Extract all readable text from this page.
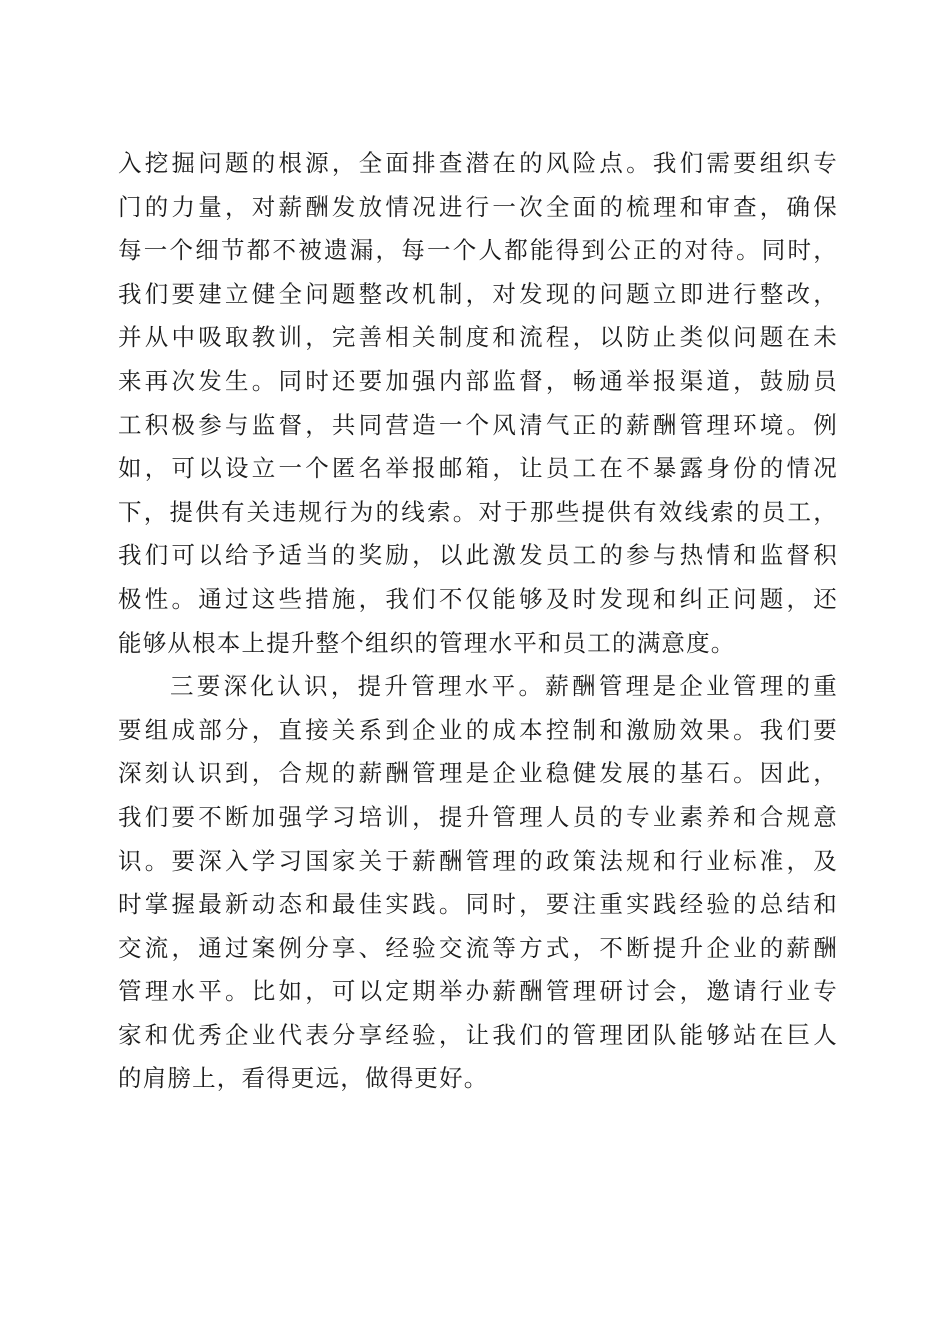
入挖掘问题的根源，全面排查潜在的风险点。我们需要组织专
门的力量，对薪酬发放情况进行一次全面的梳理和审查，确保
每一个细节都不被遗漏，每一个人都能得到公正的对待。同时，
我们要建立健全问题整改机制，对发现的问题立即进行整改，
并从中吸取教训，完善相关制度和流程，以防止类似问题在未
来再次发生。同时还要加强内部监督，畅通举报渠道，鼓励员
工积极参与监督，共同营造一个风清气正的薪酬管理环境。例
如，可以设立一个匿名举报邮箱，让员工在不暴露身份的情况
下，提供有关违规行为的线索。对于那些提供有效线索的员工，
我们可以给予适当的奖励，以此激发员工的参与热情和监督积
极性。通过这些措施，我们不仅能够及时发现和纠正问题，还
能够从根本上提升整个组织的管理水平和员工的满意度。
三要深化认识，提升管理水平。薪酬管理是企业管理的重
要组成部分，直接关系到企业的成本控制和激励效果。我们要
深刻认识到，合规的薪酬管理是企业稳健发展的基石。因此，
我们要不断加强学习培训，提升管理人员的专业素养和合规意
识。要深入学习国家关于薪酬管理的政策法规和行业标准，及
时掌握最新动态和最佳实践。同时，要注重实践经验的总结和
交流，通过案例分享、经验交流等方式，不断提升企业的薪酬
管理水平。比如，可以定期举办薪酬管理研讨会，邀请行业专
家和优秀企业代表分享经验，让我们的管理团队能够站在巨人
的肩膀上，看得更远，做得更好。
